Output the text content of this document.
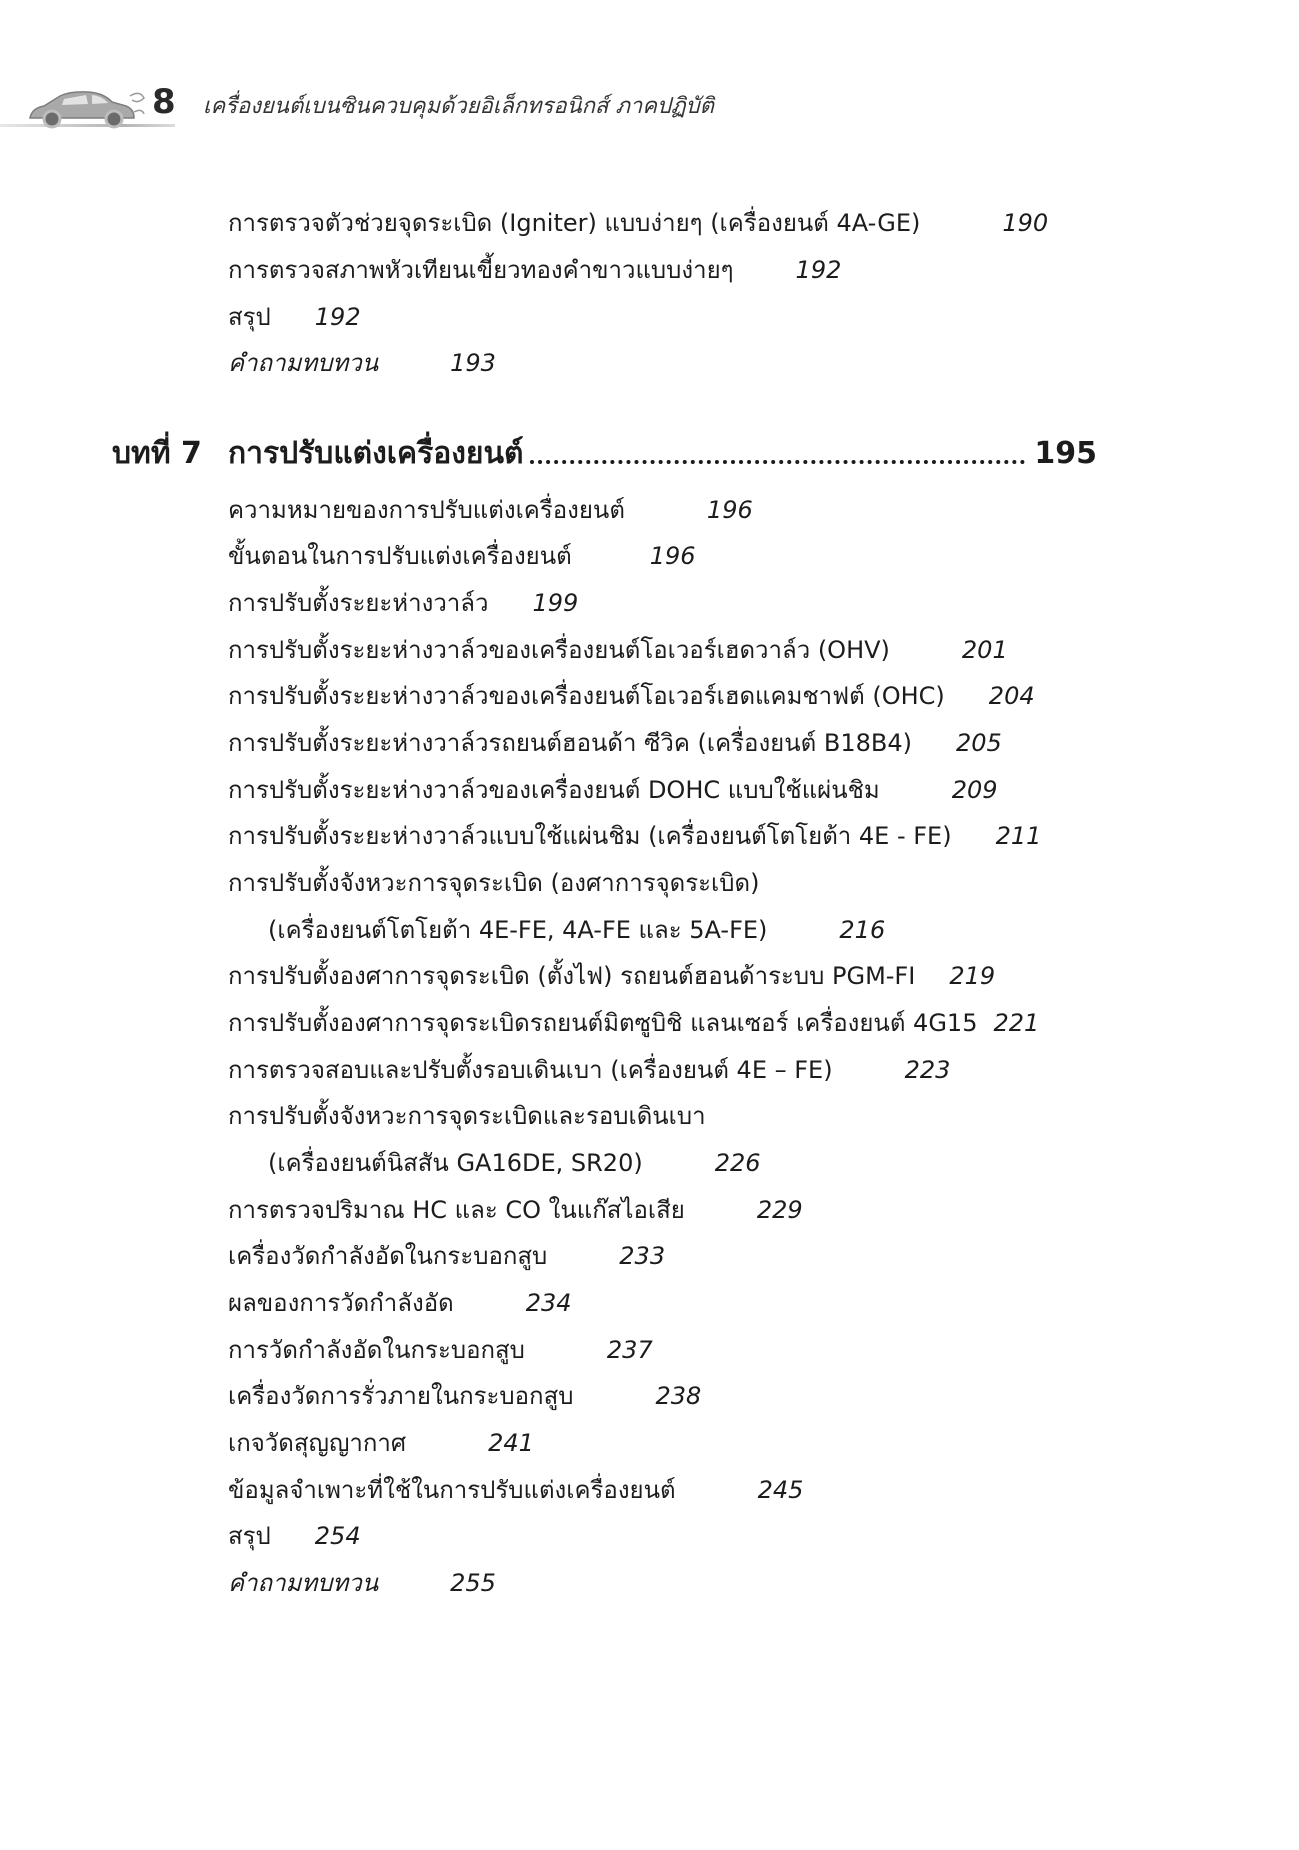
8 เครื่องยนต์เบนซินควบคุมด้วยอิเล็กทรอนิกส์ ภาคปฏิบัติ
การตรวจตัวช่วยจุดระเบิด (Igniter) แบบง่ายๆ (เครื่องยนต์ 4A-GE)	190
การตรวจสภาพหัวเทียนเขี้ยวทองคำขาวแบบง่ายๆ	192
สรุป 192
คำถามทบทวน	193
บทที่ 7 การปรับแต่งเครื่องยนต์	195
ความหมายของการปรับแต่งเครื่องยนต์	196
ขั้นตอนในการปรับแต่งเครื่องยนต์	196
การปรับตั้งระยะห่างวาล์ว 199
การปรับตั้งระยะห่างวาล์วของเครื่องยนต์โอเวอร์เฮดวาล์ว (OHV)	201
การปรับตั้งระยะห่างวาล์วของเครื่องยนต์โอเวอร์เฮดแคมชาฟต์ (OHC) 204
การปรับตั้งระยะห่างวาล์วรถยนต์ฮอนด้า ซีวิค (เครื่องยนต์ B18B4) 205
การปรับตั้งระยะห่างวาล์วของเครื่องยนต์ DOHC แบบใช้แผ่นชิม	209
การปรับตั้งระยะห่างวาล์วแบบใช้แผ่นชิม (เครื่องยนต์โตโยต้า 4E - FE) 211
การปรับตั้งจังหวะการจุดระเบิด (องศาการจุดระเบิด)
(เครื่องยนต์โตโยต้า 4E-FE, 4A-FE และ 5A-FE)	216
การปรับตั้งองศาการจุดระเบิด (ตั้งไฟ) รถยนต์ฮอนด้าระบบ PGM-FI 219
การปรับตั้งองศาการจุดระเบิดรถยนต์มิตซูบิชิ แลนเซอร์ เครื่องยนต์ 4G15 221
การตรวจสอบและปรับตั้งรอบเดินเบา (เครื่องยนต์ 4E – FE)	223
การปรับตั้งจังหวะการจุดระเบิดและรอบเดินเบา
(เครื่องยนต์นิสสัน GA16DE, SR20)	226
การตรวจปริมาณ HC และ CO ในแก๊สไอเสีย	229
เครื่องวัดกำลังอัดในกระบอกสูบ	233
ผลของการวัดกำลังอัด	234
การวัดกำลังอัดในกระบอกสูบ	237
เครื่องวัดการรั่วภายในกระบอกสูบ	238
เกจวัดสุญญากาศ	241
ข้อมูลจำเพาะที่ใช้ในการปรับแต่งเครื่องยนต์	245
สรุป 254
คำถามทบทวน	255
